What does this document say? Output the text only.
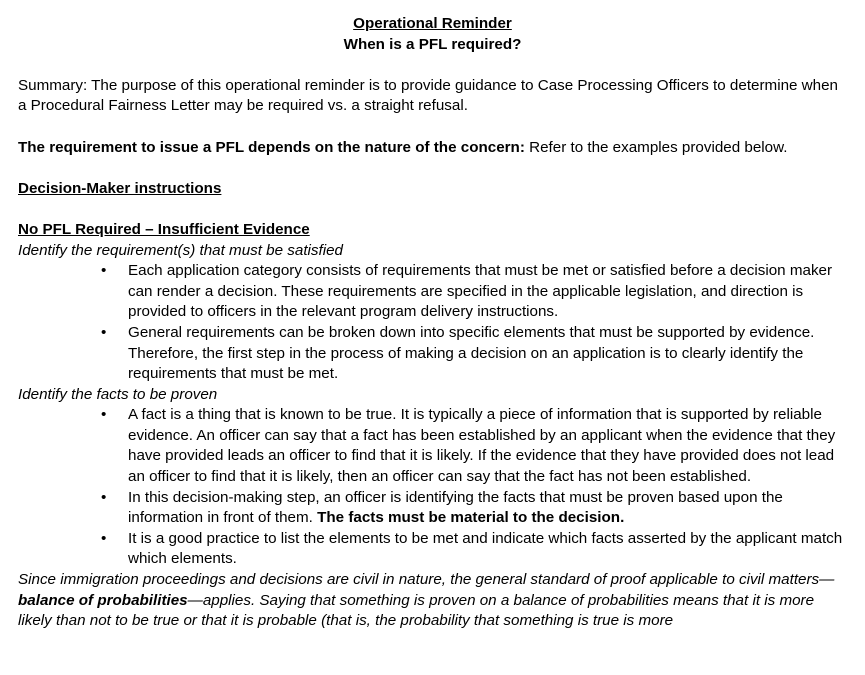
Operational Reminder

When is a PFL required?

Summary: The purpose of this operational reminder is to provide guidance to Case Processing Officers to determine when a Procedural Fairness Letter may be required vs. a straight refusal.

The requirement to issue a PFL depends on the nature of the concern: Refer to the examples provided below.

Decision-Maker instructions

No PFL Required – Insufficient Evidence

Identify the requirement(s) that must be satisfied

• Each application category consists of requirements that must be met or satisfied before a decision maker can render a decision. These requirements are specified in the applicable legislation, and direction is provided to officers in the relevant program delivery instructions.
• General requirements can be broken down into specific elements that must be supported by evidence. Therefore, the first step in the process of making a decision on an application is to clearly identify the requirements that must be met.

Identify the facts to be proven

• A fact is a thing that is known to be true. It is typically a piece of information that is supported by reliable evidence. An officer can say that a fact has been established by an applicant when the evidence that they have provided leads an officer to find that it is likely. If the evidence that they have provided does not lead an officer to find that it is likely, then an officer can say that the fact has not been established.
• In this decision-making step, an officer is identifying the facts that must be proven based upon the information in front of them. The facts must be material to the decision.
• It is a good practice to list the elements to be met and indicate which facts asserted by the applicant match which elements.

Since immigration proceedings and decisions are civil in nature, the general standard of proof applicable to civil matters—balance of probabilities—applies. Saying that something is proven on a balance of probabilities means that it is more likely than not to be true or that it is probable (that is, the probability that something is true is more
